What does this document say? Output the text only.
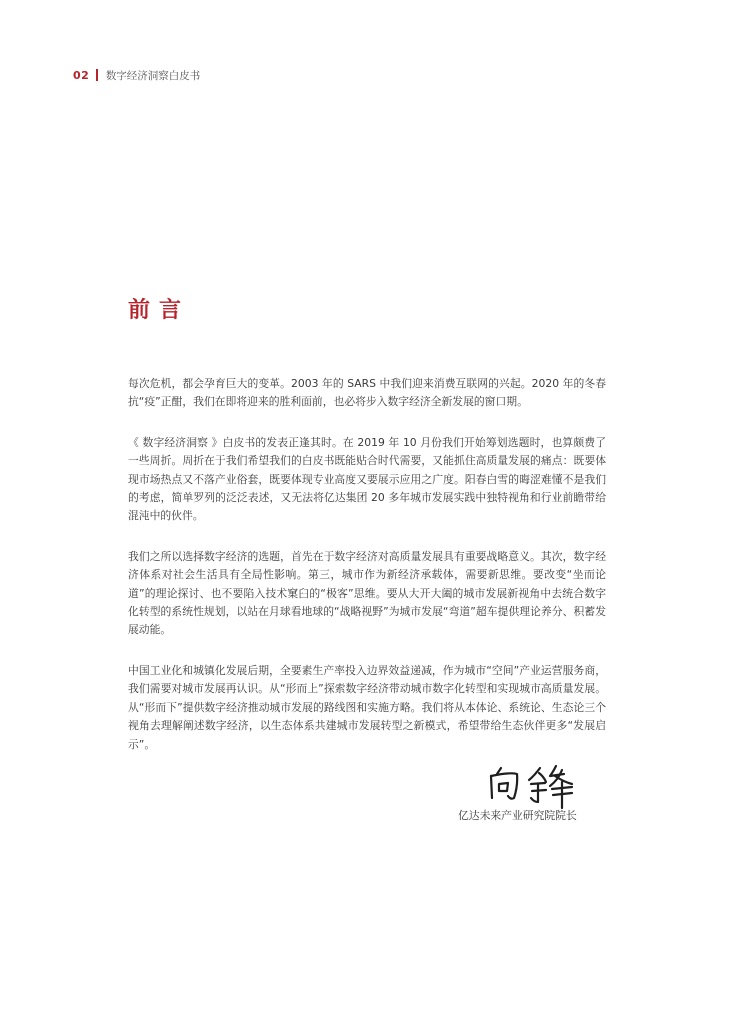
02 数字经济洞察白皮书
前言

每次危机，都会孕育巨大的变革。2003 年的 SARS 中我们迎来消费互联网的兴起。2020 年的冬春抗“疫”正酣，我们在即将迎来的胜利面前，也必将步入数字经济全新发展的窗口期。

《 数字经济洞察 》白皮书的发表正逢其时。在 2019 年 10 月份我们开始筹划选题时，也算颇费了一些周折。周折在于我们希望我们的白皮书既能贴合时代需要，又能抓住高质量发展的痛点：既要体现市场热点又不落产业俗套，既要体现专业高度又要展示应用之广度。阳春白雪的晦涩难懂不是我们的考虑，简单罗列的泛泛表述，又无法将亿达集团 20 多年城市发展实践中独特视角和行业前瞻带给混沌中的伙伴。

我们之所以选择数字经济的选题，首先在于数字经济对高质量发展具有重要战略意义。其次，数字经济体系对社会生活具有全局性影响。第三，城市作为新经济承载体，需要新思维。要改变“坐而论道”的理论探讨、也不要陷入技术窠臼的“极客”思维。要从大开大阖的城市发展新视角中去统合数字化转型的系统性规划，以站在月球看地球的“战略视野”为城市发展“弯道”超车提供理论养分、积蓄发展动能。

中国工业化和城镇化发展后期，全要素生产率投入边界效益递减，作为城市“空间”产业运营服务商，我们需要对城市发展再认识。从“形而上”探索数字经济带动城市数字化转型和实现城市高质量发展。从“形而下”提供数字经济推动城市发展的路线图和实施方略。我们将从本体论、系统论、生态论三个视角去理解阐述数字经济，以生态体系共建城市发展转型之新模式，希望带给生态伙伴更多“发展启示”。

亿达未来产业研究院院长
